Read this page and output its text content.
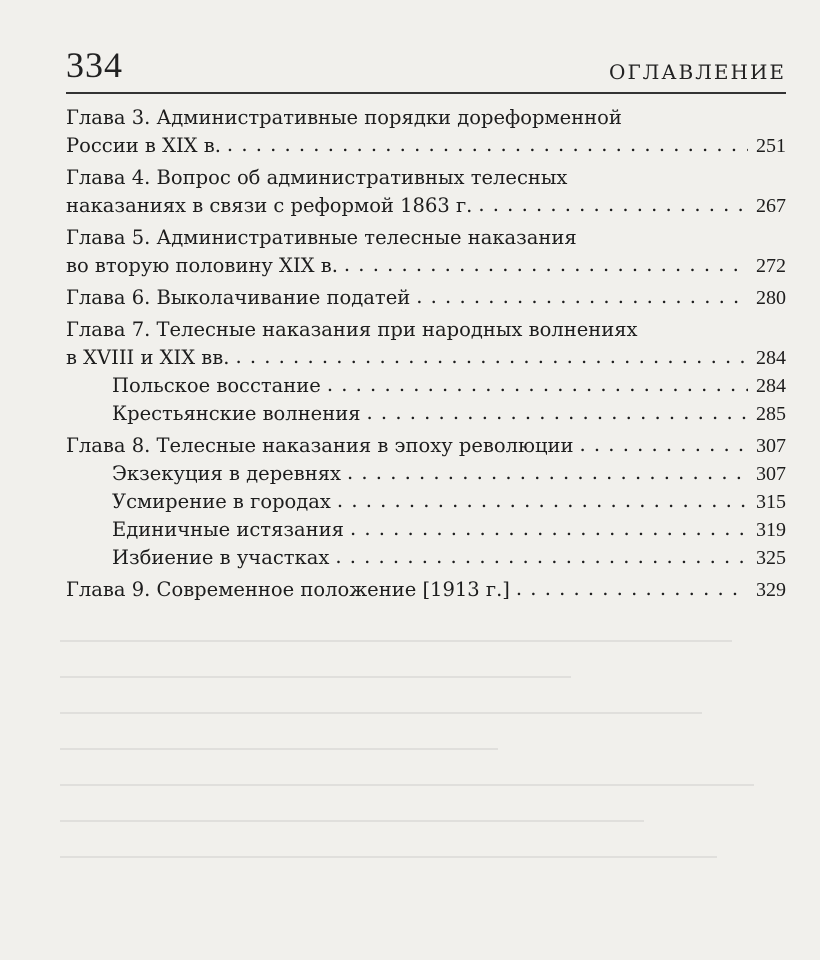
334	ОГЛАВЛЕНИЕ
Глава 3. Административные порядки дореформенной
России в XIX в. . . .	251
Глава 4. Вопрос об административных телесных
наказаниях в связи с реформой 1863 г. . . .	267
Глава 5. Административные телесные наказания
во вторую половину XIX в. . . .	272
Глава 6. Выколачивание податей . . .	280
Глава 7. Телесные наказания при народных волнениях
в XVIII и XIX вв. . . .	284
Польское восстание . . .	284
Крестьянские волнения . . .	285
Глава 8. Телесные наказания в эпоху революции . . .	307
Экзекуция в деревнях . . .	307
Усмирение в городах . . .	315
Единичные истязания . . .	319
Избиение в участках . . .	325
Глава 9. Современное положение [1913 г.] . . .	329
